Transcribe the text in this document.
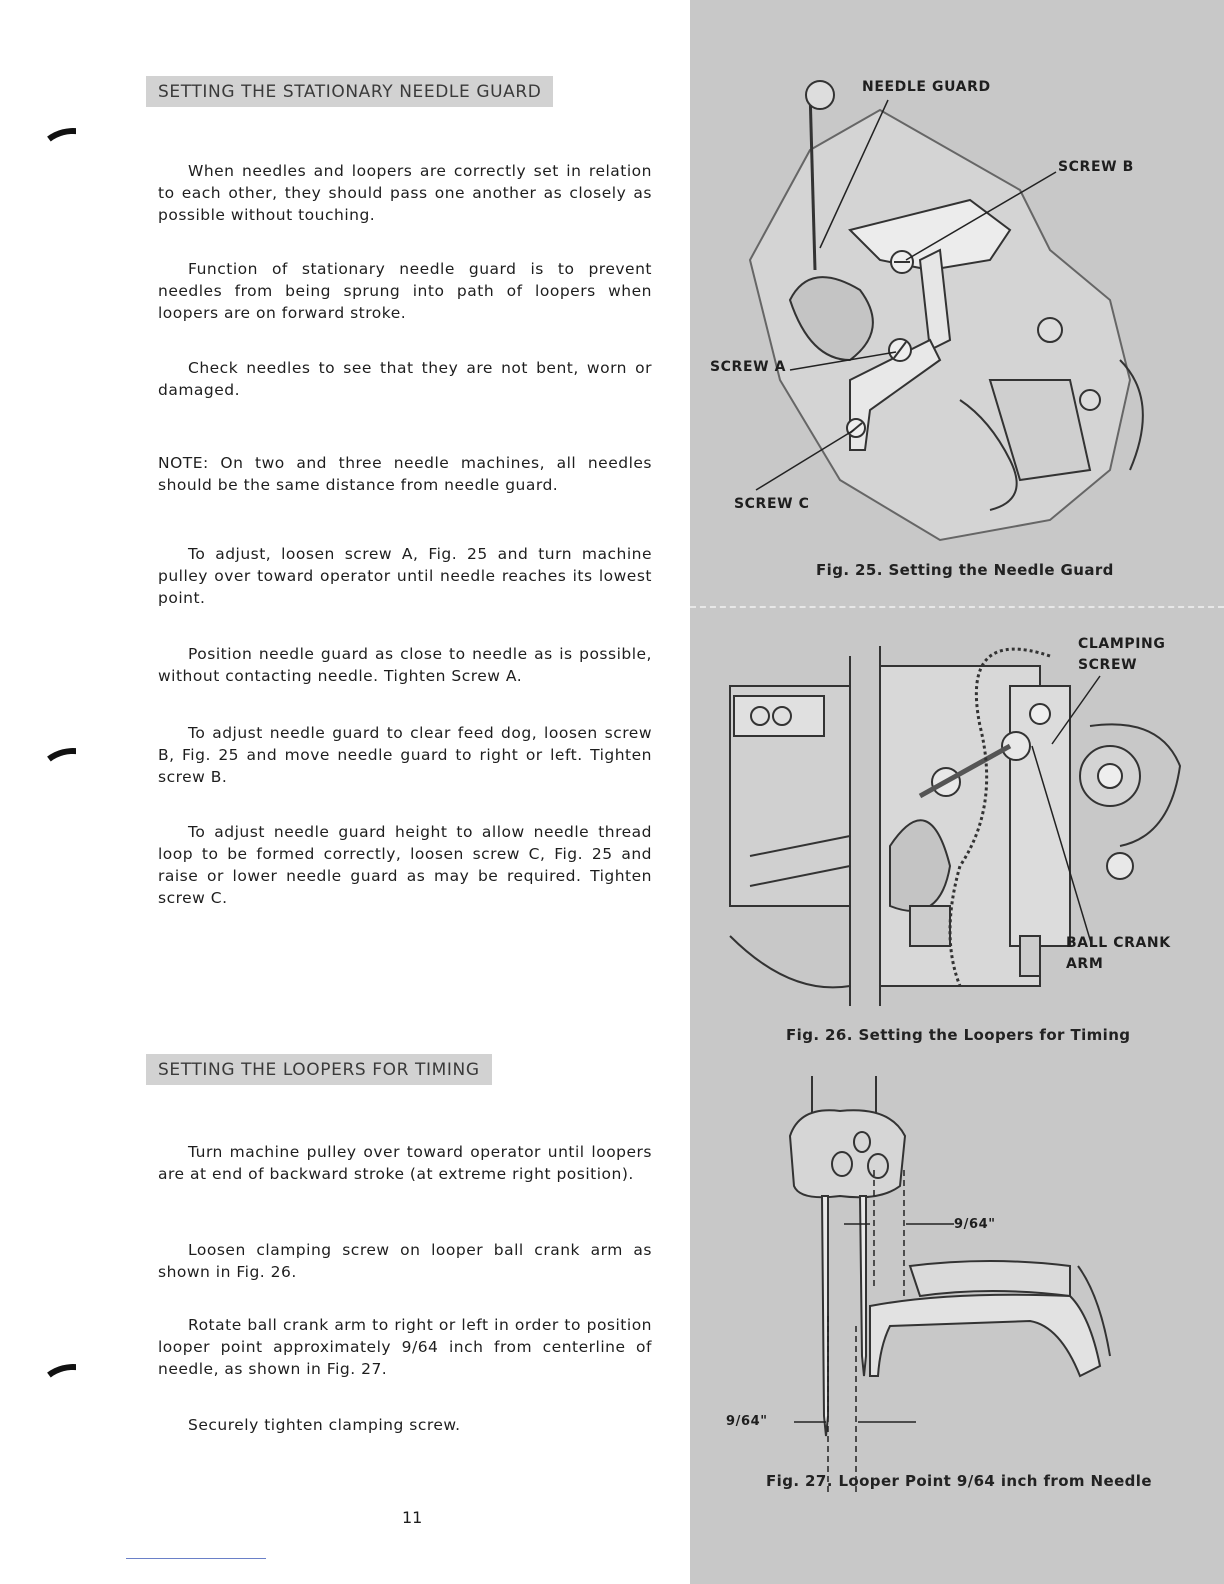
SETTING THE STATIONARY NEEDLE GUARD

When needles and loopers are correctly set in relation to each other, they should pass one another as closely as possible without touching.

Function of stationary needle guard is to prevent needles from being sprung into path of loopers when loopers are on forward stroke.

Check needles to see that they are not bent, worn or damaged.

NOTE: On two and three needle machines, all needles should be the same distance from needle guard.

To adjust, loosen screw A, Fig. 25 and turn machine pulley over toward operator until needle reaches its lowest point.

Position needle guard as close to needle as is possible, without contacting needle. Tighten Screw A.

To adjust needle guard to clear feed dog, loosen screw B, Fig. 25 and move needle guard to right or left. Tighten screw B.

To adjust needle guard height to allow needle thread loop to be formed correctly, loosen screw C, Fig. 25 and raise or lower needle guard as may be required. Tighten screw C.

SETTING THE LOOPERS FOR TIMING

Turn machine pulley over toward operator until loopers are at end of backward stroke (at extreme right position).

Loosen clamping screw on looper ball crank arm as shown in Fig. 26.

Rotate ball crank arm to right or left in order to position looper point approximately 9/64 inch from centerline of needle, as shown in Fig. 27.

Securely tighten clamping screw.

11
NEEDLE GUARD
SCREW B
SCREW A
SCREW C
Fig. 25. Setting the Needle Guard
CLAMPING
SCREW
BALL CRANK
ARM
Fig. 26. Setting the Loopers for Timing
9/64"
9/64"
Fig. 27. Looper Point 9/64 inch from Needle
